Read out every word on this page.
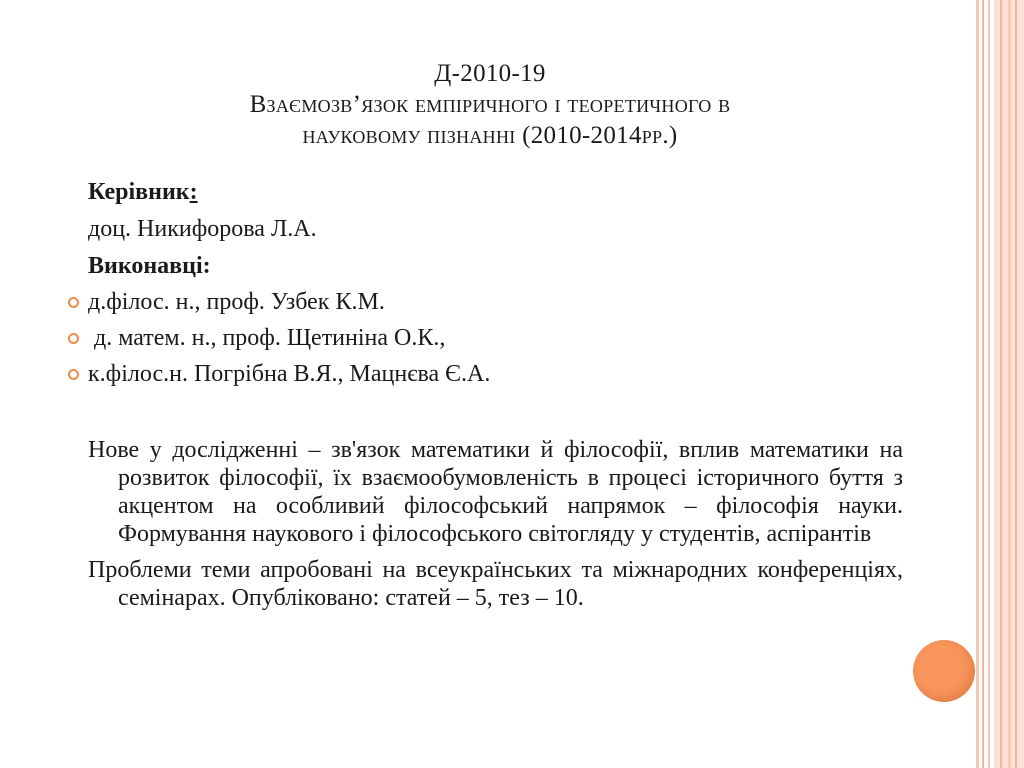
Д-2010-19
Взаємозв’язок емпіричного і теоретичного в
науковому пізнанні (2010-2014рр.)
Керівник:
доц. Никифорова Л.А.
Виконавці:
д.філос. н., проф. Узбек К.М.
д. матем. н., проф. Щетиніна О.К.,
к.філос.н. Погрібна В.Я., Мацнєва Є.А.

Нове у дослідженні – зв'язок математики й філософії, вплив математики на розвиток філософії, їх взаємообумовленість в процесі історичного буття з акцентом на особливий філософський напрямок – філософія науки. Формування наукового і філософського світогляду у студентів, аспірантів

Проблеми теми апробовані на всеукраїнських та міжнародних конференціях, семінарах. Опубліковано: статей – 5, тез – 10.
